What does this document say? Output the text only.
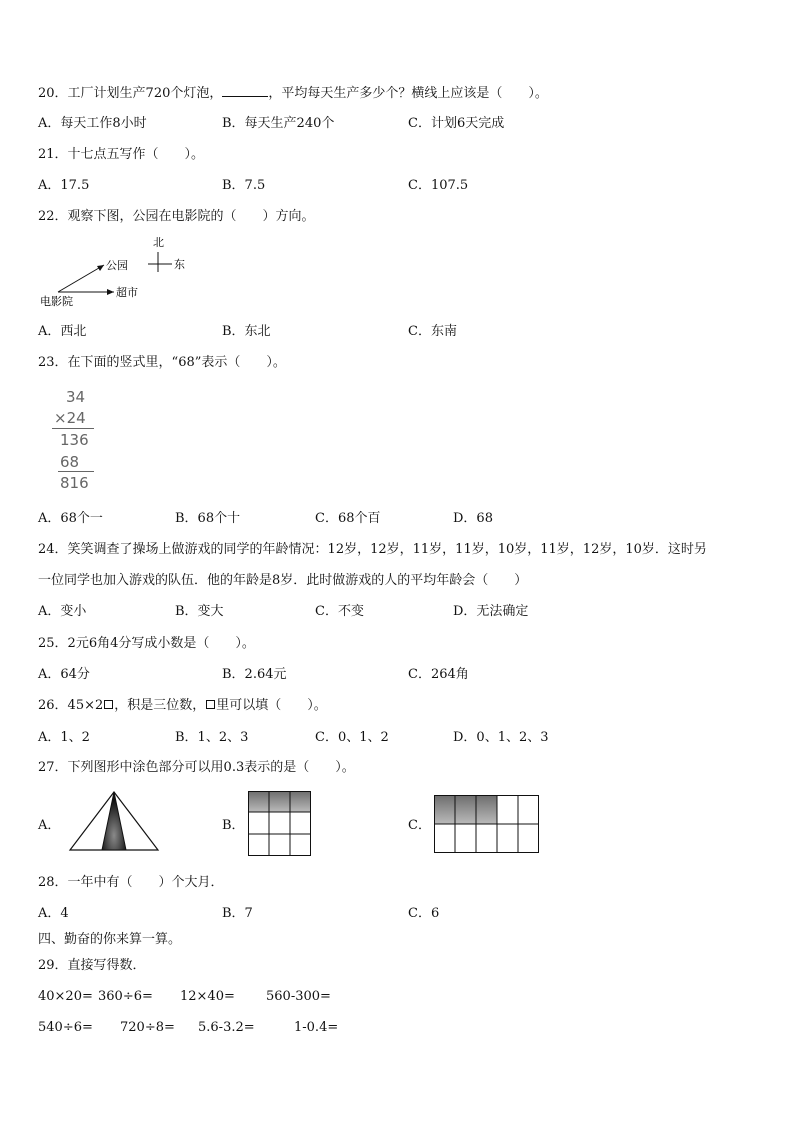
20．工厂计划生产720个灯泡，	，平均每天生产多少个？横线上应该是（　　）。
A．每天工作8小时	B．每天生产240个	C．计划6天完成
21．十七点五写作（　　）。
A．17.5	B．7.5	C．107.5
22．观察下图，公园在电影院的（　　）方向。
公园
超市
电影院
北
东
A．西北	B．东北	C．东南
23．在下面的竖式里，“68”表示（　　）。
34
×24
136
68
816
A．68个一	B．68个十	C．68个百	D．68
24．笑笑调查了操场上做游戏的同学的年龄情况：12岁，12岁，11岁，11岁，10岁，11岁，12岁，10岁．这时另
一位同学也加入游戏的队伍．他的年龄是8岁．此时做游戏的人的平均年龄会（　　）
A．变小	B．变大	C．不变	D．无法确定
25．2元6角4分写成小数是（　　）。
A．64分	B．2.64元	C．264角
26．45×2 ，积是三位数， 里可以填（　　）。
A．1、2	B．1、2、3	C．0、1、2	D．0、1、2、3
27．下列图形中涂色部分可以用0.3表示的是（　　）。
A．	B．	C．
28．一年中有（　　）个大月．
A．4	B．7	C．6
四、勤奋的你来算一算。
29．直接写得数．
40×20= 360÷6= 12×40= 560-300=
540÷6= 720÷8= 5.6-3.2=	1-0.4=
